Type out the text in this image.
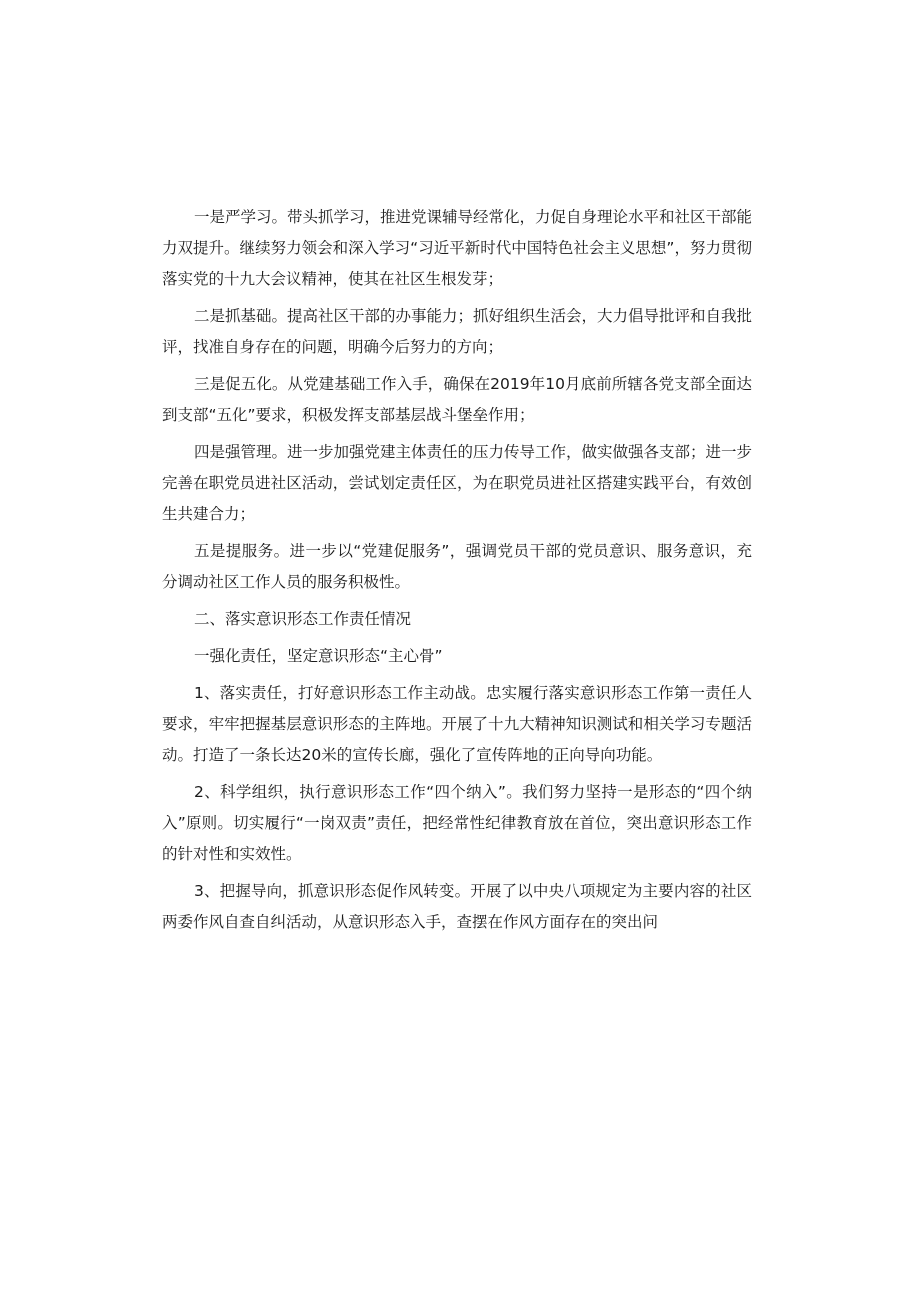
一是严学习。带头抓学习，推进党课辅导经常化，力促自身理论水平和社区干部能力双提升。继续努力领会和深入学习“习近平新时代中国特色社会主义思想”，努力贯彻落实党的十九大会议精神，使其在社区生根发芽；

二是抓基础。提高社区干部的办事能力；抓好组织生活会，大力倡导批评和自我批评，找准自身存在的问题，明确今后努力的方向；

三是促五化。从党建基础工作入手，确保在2019年10月底前所辖各党支部全面达到支部“五化”要求，积极发挥支部基层战斗堡垒作用；

四是强管理。进一步加强党建主体责任的压力传导工作，做实做强各支部；进一步完善在职党员进社区活动，尝试划定责任区，为在职党员进社区搭建实践平台，有效创生共建合力；

五是提服务。进一步以“党建促服务”，强调党员干部的党员意识、服务意识，充分调动社区工作人员的服务积极性。

二、落实意识形态工作责任情况

一强化责任，坚定意识形态“主心骨”

1、落实责任，打好意识形态工作主动战。忠实履行落实意识形态工作第一责任人要求，牢牢把握基层意识形态的主阵地。开展了十九大精神知识测试和相关学习专题活动。打造了一条长达20米的宣传长廊，强化了宣传阵地的正向导向功能。

2、科学组织，执行意识形态工作“四个纳入”。我们努力坚持一是形态的“四个纳入”原则。切实履行“一岗双责”责任，把经常性纪律教育放在首位，突出意识形态工作的针对性和实效性。

3、把握导向，抓意识形态促作风转变。开展了以中央八项规定为主要内容的社区两委作风自查自纠活动，从意识形态入手，查摆在作风方面存在的突出问
